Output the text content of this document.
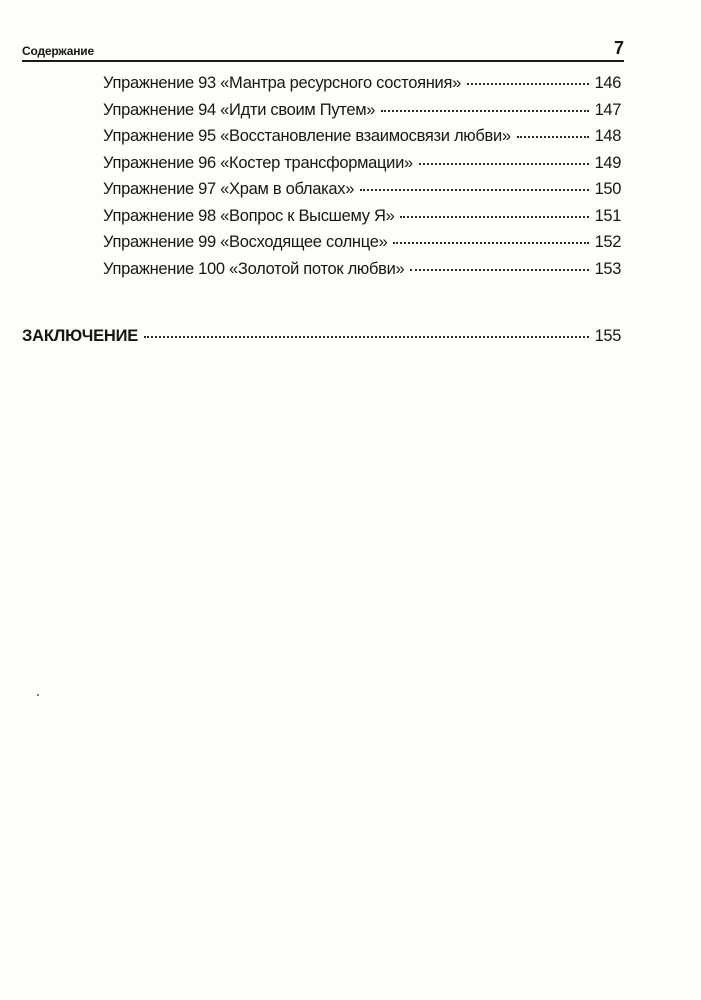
Содержание	7
Упражнение 93 «Мантра ресурсного состояния»	146
Упражнение 94 «Идти своим Путем»	147
Упражнение 95 «Восстановление взаимосвязи любви»	148
Упражнение 96 «Костер трансформации»	149
Упражнение 97 «Храм в облаках»	150
Упражнение 98 «Вопрос к Высшему Я»	151
Упражнение 99 «Восходящее солнце»	152
Упражнение 100 «Золотой поток любви»	153
ЗАКЛЮЧЕНИЕ	155
